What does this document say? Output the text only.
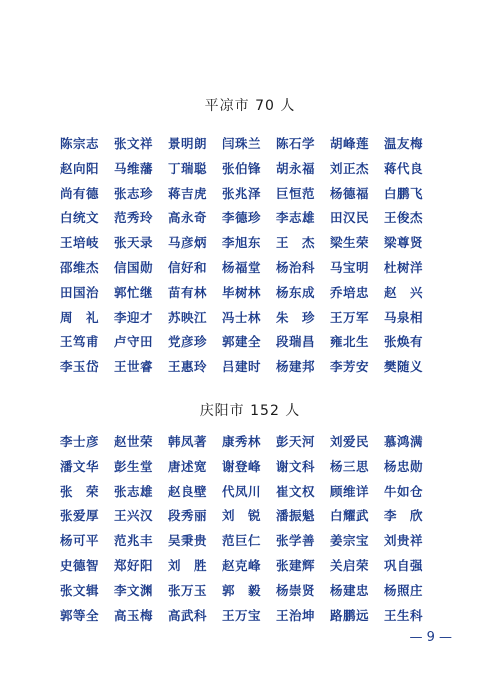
平凉市 70 人
陈宗志	张文祥	景明朗	闫珠兰	陈石学	胡峰莲	温友梅
赵向阳	马维藩	丁瑞聪	张伯锋	胡永福	刘正杰	蒋代良
尚有德	张志珍	蒋吉虎	张兆泽	巨恒范	杨德福	白鹏飞
白统文	范秀玲	高永奇	李德珍	李志雄	田汉民	王俊杰
王培岐	张天录	马彦炳	李旭东	王　杰	梁生荣	梁尊贤
邵维杰	信国勋	信好和	杨福堂	杨治科	马宝明	杜树洋
田国治	郭忙继	苗有林	毕树林	杨东成	乔培忠	赵　兴
周　礼	李迎才	苏映江	冯士林	朱　珍	王万军	马泉相
王笃甫	卢守田	党彦珍	郭建全	段瑞昌	雍北生	张焕有
李玉岱	王世睿	王惠玲	吕建时	杨建邦	李芳安	樊随义
庆阳市 152 人
李士彦	赵世荣	韩凤著	康秀林	彭天河	刘爱民	慕鸿满
潘文华	彭生堂	唐述宽	谢登峰	谢文科	杨三思	杨忠勋
张　荣	张志雄	赵良壁	代凤川	崔文权	顾维详	牛如仓
张爱厚	王兴汉	段秀丽	刘　锐	潘振魁	白耀武	李　欣
杨可平	范兆丰	吴秉贵	范巨仁	张学善	姜宗宝	刘贵祥
史德智	郑好阳	刘　胜	赵克峰	张建辉	关启荣	巩自强
张文辑	李文渊	张万玉	郭　毅	杨崇贤	杨建忠	杨照庄
郭等全	高玉梅	高武科	王万宝	王治坤	路鹏远	王生科
— 9 —
